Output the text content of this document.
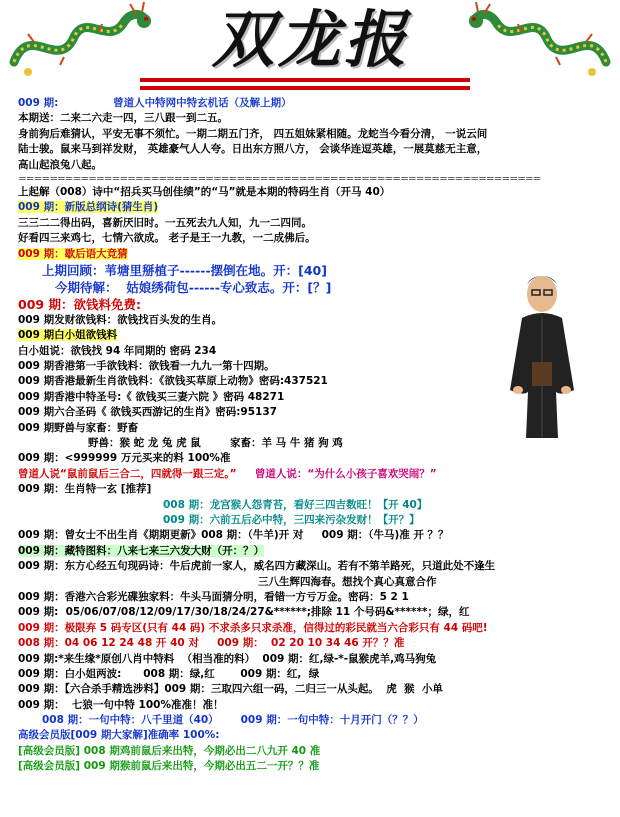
双龙报
009 期:	曾道人中特网中特玄机话（及解上期）
本期送：二来二六走一四，三八跟一到二五。
身前狗后难猜认，平安无事不须忙。一期二期五门齐， 四五姐妹紧相随。龙蛇当今看分清， 一说云间
陆士骏。鼠来马到祥发财， 英雄豪气人人夸。日出东方照八方， 会谈华连逗英雄，一展莫慈无主意，
高山起浪兔八起。
===================================================================
上起解（008）诗中“招兵买马创佳绩”的“马”就是本期的特码生肖（开马 40）
009 期：新版总纲诗(猜生肖)
三三二二得出码，喜新厌旧时。一五死去九人知，九一二四同。
好看四三来鸡七，七情六欲成。 老子是王一九教，一二成佛后。
009 期：歇后语大竞猜
上期回顾：苇塘里掰植子------摆倒在地。开：[40]
今期待解：  姑娘绣荷包------专心致志。开：[？]
009 期：欲钱料免费:
009 期发财欲钱料：欲钱找百头发的生肖。
009 期白小姐欲钱料
白小姐说：欲钱找 94 年同期的 密码 234
009 期香港第一手欲钱料：欲钱看一九九一第十四期。
009 期香港最新生肖欲钱料：《欲钱买草原上动物》密码:437521
009 期香港中特圣号:《 欲钱买三妻六院 》密码 48271
009 期六合圣码《 欲钱买西游记的生肖》密码:95137
009 期野兽与家畜：野畜
野兽：猴 蛇 龙 兔 虎 鼠        家畜：羊 马 牛 猪 狗 鸡
009 期：<999999 万元买来的料 100%准
曾道人说“鼠前鼠后三合二，四就得一跟三定。”     曾道人说：“为什么小孩子喜欢哭闹？”
009 期：生肖特一玄 [推荐]
008 期：龙宫猴人怨青苔，看好三四吉数旺！【开 40】
009 期：六前五后必中特，三四来污杂发财！【开？】
009 期：曾女士不出生肖《期期更新》008 期：（牛羊)开 对     009 期：（牛马)准 开 ？？
009 期：藏特图料：八来七来三六发大财（开：？）
009 期：东方心经五句现码诗：牛后虎前一家人，威名四方藏深山。若有不第羊路死，只道此处不逢生
三八生辉四海春。想找个真心真意合作
009 期：香港六合彩光碟独家料：牛头马面猜分明，看错一方亏万金。密码：5 2 1
009 期:  05/06/07/08/12/09/17/30/18/24/27&******;排除 11 个号码&******；绿，红
009 期：极限弃 5 码专区(只有 44 码) 不求杀多只求杀准，信得过的彩民就当六合彩只有 44 码吧!
008 期：04 06 12 24 48 开 40 对 009 期：  02 20 10 34 46 开？？准
009 期:*来生缘*原创八肖中特料  （相当准的料）  009 期：红,绿-*-鼠猴虎羊,鸡马狗兔
009 期：白小姐两波:      008 期：绿,红       009 期：红,  绿
009 期：【六合杀手精选涉料】009 期：三取四六组一码，二归三一从头起。  虎  猴  小单
009 期：  七狼一句中特 100%准准！准！
008 期：一句中特：八千里道（40）      009 期：一句中特：十月开门（？？）
高级会员版[009 期大家解]准确率 100%:
[高级会员版] 008 期鸡前鼠后来出特，今期必出二八九开 40 准
[高级会员版] 009 期猴前鼠后来出特，今期必出五二一开？？准
